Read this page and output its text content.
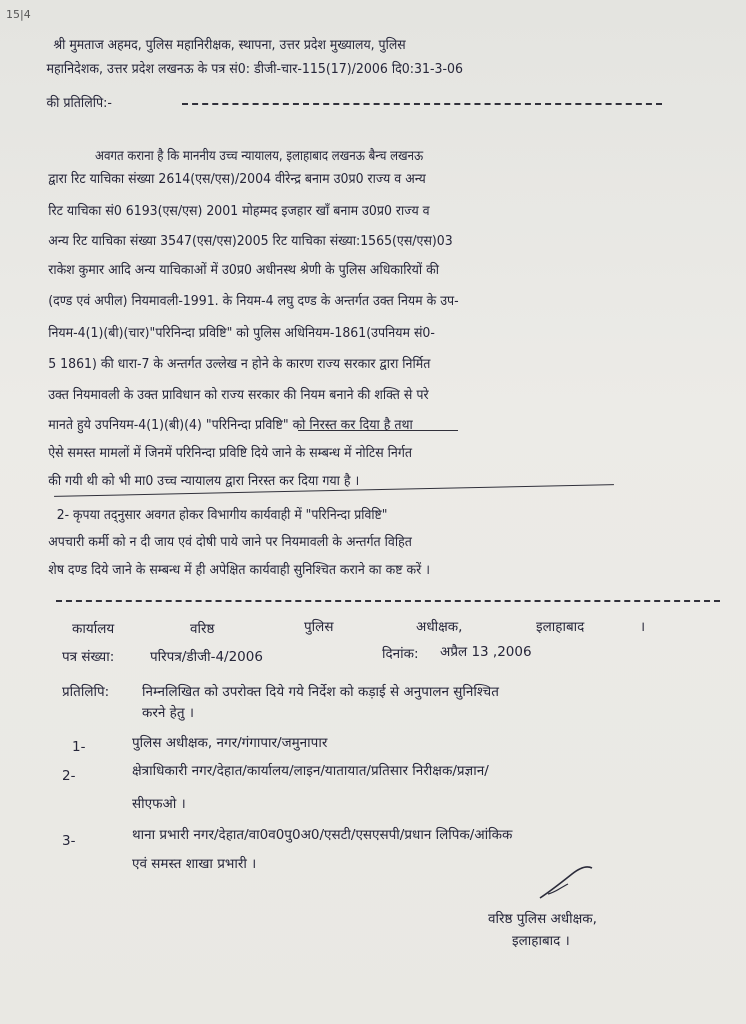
15|4
श्री मुमताज अहमद, पुलिस महानिरीक्षक, स्थापना, उत्तर प्रदेश मुख्यालय, पुलिस
महानिदेशक, उत्तर प्रदेश लखनऊ के पत्र सं0: डीजी-चार-115(17)/2006 दि0:31-3-06
की प्रतिलिपि:-
अवगत कराना है कि माननीय उच्च न्यायालय, इलाहाबाद लखनऊ बैन्च लखनऊ
द्वारा रिट याचिका संख्या 2614(एस/एस)/2004 वीरेन्द्र बनाम उ0प्र0 राज्य व अन्य
रिट याचिका सं0 6193(एस/एस) 2001 मोहम्मद इजहार खाँ बनाम उ0प्र0 राज्य व
अन्य रिट याचिका संख्या 3547(एस/एस)2005 रिट याचिका संख्या:1565(एस/एस)03
राकेश कुमार आदि अन्य याचिकाओं में उ0प्र0 अधीनस्थ श्रेणी के पुलिस अधिकारियों की
(दण्ड एवं अपील) नियमावली-1991. के नियम-4 लघु दण्ड के अन्तर्गत उक्त नियम के उप-
नियम-4(1)(बी)(चार)"परिनिन्दा प्रविष्टि" को पुलिस अधिनियम-1861(उपनियम सं0-
5 1861) की धारा-7 के अन्तर्गत उल्लेख न होने के कारण राज्य सरकार द्वारा निर्मित
उक्त नियमावली के उक्त प्राविधान को राज्य सरकार की नियम बनाने की शक्ति से परे
मानते हुये उपनियम-4(1)(बी)(4) "परिनिन्दा प्रविष्टि" को निरस्त कर दिया है तथा
ऐसे समस्त मामलों में जिनमें परिनिन्दा प्रविष्टि दिये जाने के सम्बन्ध में नोटिस निर्गत
की गयी थी को भी मा0 उच्च न्यायालय द्वारा निरस्त कर दिया गया है ।
2- कृपया तद्नुसार अवगत होकर विभागीय कार्यवाही में "परिनिन्दा प्रविष्टि"
अपचारी कर्मी को न दी जाय एवं दोषी पाये जाने पर नियमावली के अन्तर्गत विहित
शेष दण्ड दिये जाने के सम्बन्ध में ही अपेक्षित कार्यवाही सुनिश्चित कराने का कष्ट करें ।
कार्यालय	वरिष्ठ	पुलिस	अधीक्षक,	इलाहाबाद	।
पत्र संख्या:	परिपत्र/डीजी-4/2006	दिनांक: अप्रैल 13 ,2006
प्रतिलिपि: निम्नलिखित को उपरोक्त दिये गये निर्देश को कड़ाई से अनुपालन सुनिश्चित
करने हेतु ।
1-	पुलिस अधीक्षक, नगर/गंगापार/जमुनापार
2-	क्षेत्राधिकारी नगर/देहात/कार्यालय/लाइन/यातायात/प्रतिसार निरीक्षक/प्रज्ञान/
सीएफओ ।
3-	थाना प्रभारी नगर/देहात/वा0व0पु0अ0/एसटी/एसएसपी/प्रधान लिपिक/आंकिक
एवं समस्त शाखा प्रभारी ।
वरिष्ठ पुलिस अधीक्षक,
इलाहाबाद ।
